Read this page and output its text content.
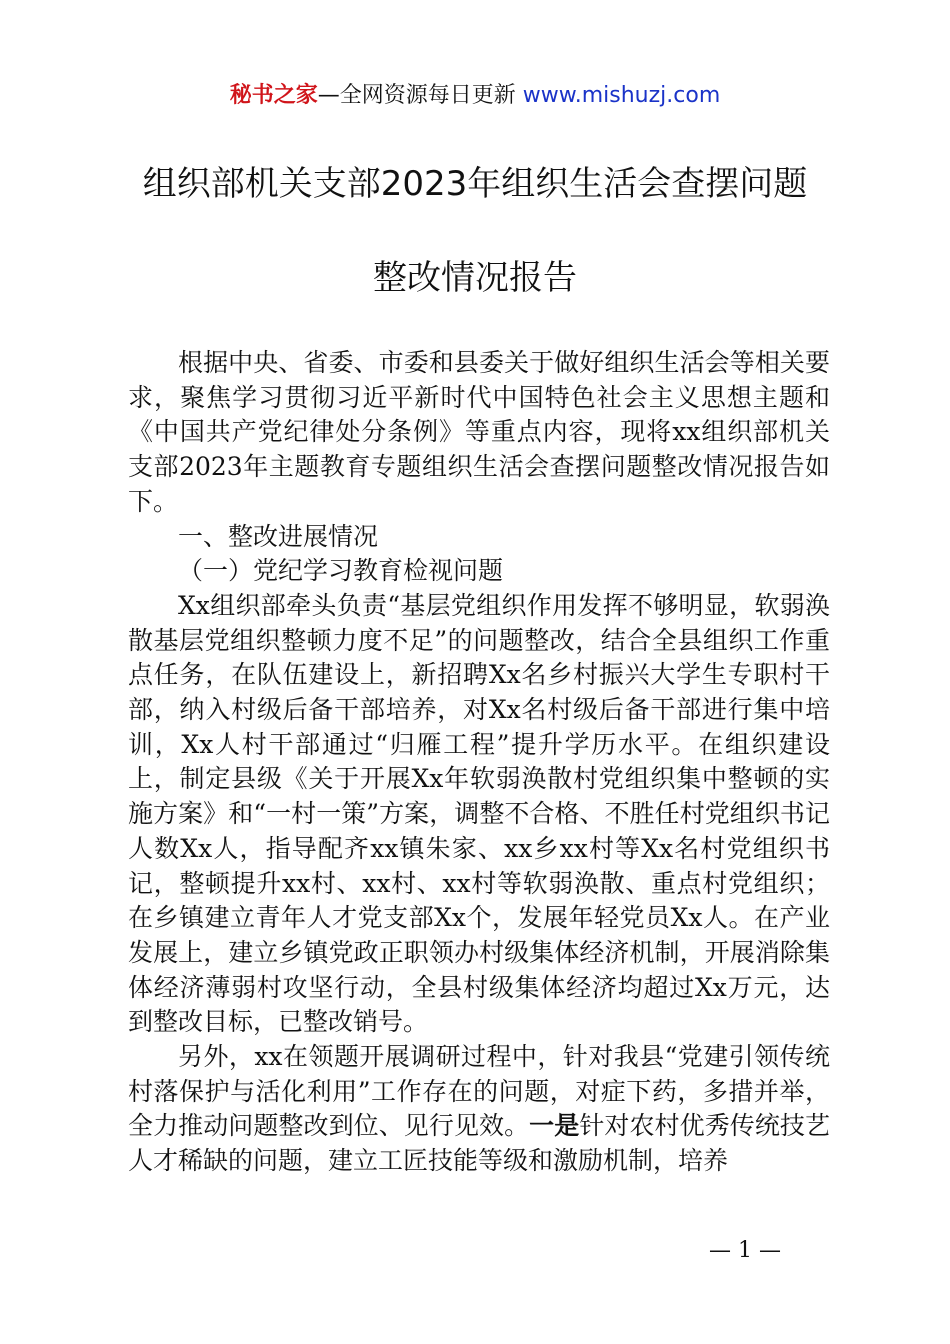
秘书之家—全网资源每日更新 www.mishuzj.com
组织部机关支部2023年组织生活会查摆问题
整改情况报告

根据中央、省委、市委和县委关于做好组织生活会等相关要求，聚焦学习贯彻习近平新时代中国特色社会主义思想主题和《中国共产党纪律处分条例》等重点内容，现将xx组织部机关支部2023年主题教育专题组织生活会查摆问题整改情况报告如下。

一、整改进展情况

（一）党纪学习教育检视问题

Xx组织部牵头负责“基层党组织作用发挥不够明显，软弱涣散基层党组织整顿力度不足”的问题整改，结合全县组织工作重点任务，在队伍建设上，新招聘Xx名乡村振兴大学生专职村干部，纳入村级后备干部培养，对Xx名村级后备干部进行集中培训，Xx人村干部通过“归雁工程”提升学历水平。在组织建设上，制定县级《关于开展Xx年软弱涣散村党组织集中整顿的实施方案》和“一村一策”方案，调整不合格、不胜任村党组织书记人数Xx人，指导配齐xx镇朱家、xx乡xx村等Xx名村党组织书记，整顿提升xx村、xx村、xx村等软弱涣散、重点村党组织；在乡镇建立青年人才党支部Xx个，发展年轻党员Xx人。在产业发展上，建立乡镇党政正职领办村级集体经济机制，开展消除集体经济薄弱村攻坚行动，全县村级集体经济均超过Xx万元，达到整改目标，已整改销号。

另外，xx在领题开展调研过程中，针对我县“党建引领传统村落保护与活化利用”工作存在的问题，对症下药，多措并举，全力推动问题整改到位、见行见效。一是针对农村优秀传统技艺人才稀缺的问题，建立工匠技能等级和激励机制，培养

— 1 —
